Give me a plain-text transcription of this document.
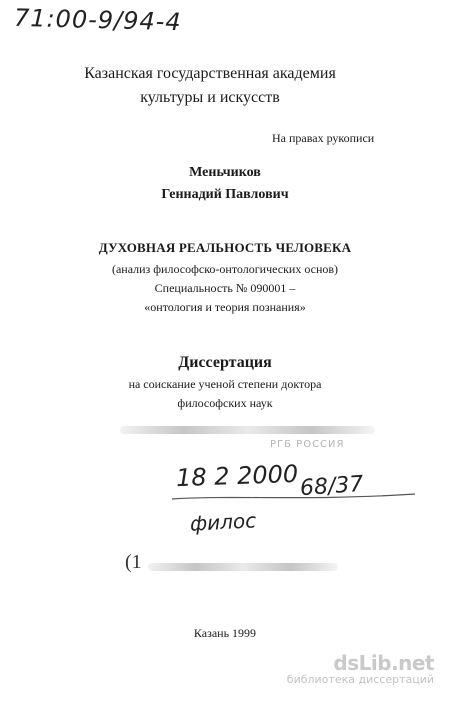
71:00-9/94-4
Казанская государственная академия
культуры и искусств
На правах рукописи
Меньчиков
Геннадий Павлович
ДУХОВНАЯ РЕАЛЬНОСТЬ ЧЕЛОВЕКА
(анализ философско-онтологических основ)
Специальность № 090001 –
«онтология и теория познания»
Диссертация
на соискание ученой степени доктора
философских наук
РГБ РОССИЯ
18 2 2000 68/37
филос
(1
Казань 1999
dsLib.net
библиотека диссертаций
